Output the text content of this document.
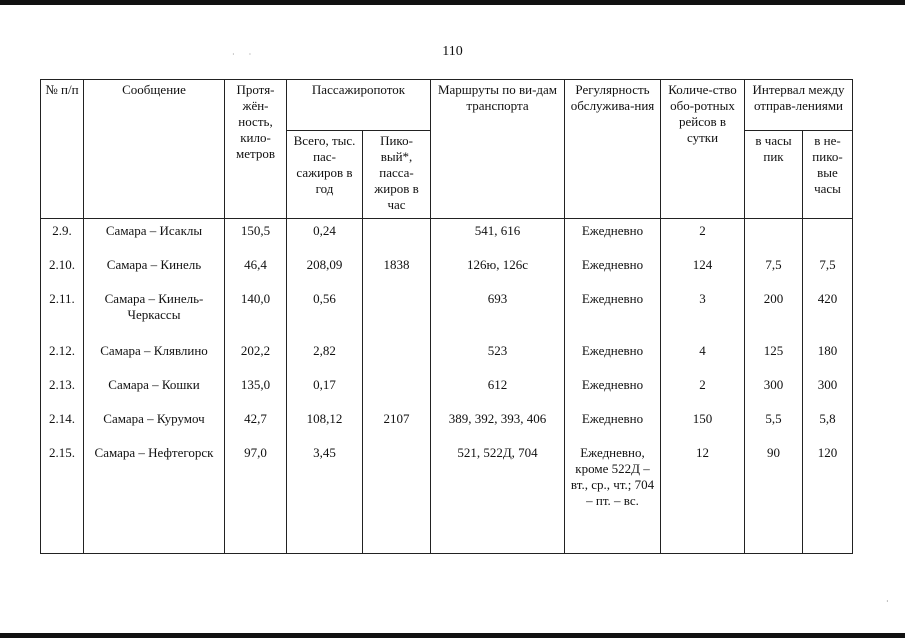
· ·	110
№ п/п	Сообщение	Протя-жён-ность, кило-метров	Пассажиропоток		Маршруты по ви-дам транспорта	Регулярность обслужива-ния	Количе-ство обо-ротных рейсов в сутки	Интервал между отправ-лениями	
			Всего, тыс. пас-сажиров в год	Пико-вый*, пасса-жиров в час				в часы пик	в не-пико-вые часы
2.9.	Самара – Исаклы	150,5	0,24		541, 616	Ежедневно	2		
2.10.	Самара – Кинель	46,4	208,09	1838	126ю, 126с	Ежедневно	124	7,5	7,5
2.11.	Самара – Кинель-Черкассы	140,0	0,56		693	Ежедневно	3	200	420
2.12.	Самара – Клявлино	202,2	2,82		523	Ежедневно	4	125	180
2.13.	Самара – Кошки	135,0	0,17		612	Ежедневно	2	300	300
2.14.	Самара – Курумоч	42,7	108,12	2107	389, 392, 393, 406	Ежедневно	150	5,5	5,8
2.15.	Самара – Нефтегорск	97,0	3,45		521, 522Д, 704	Ежедневно, кроме 522Д – вт., ср., чт.; 704 – пт. – вс.	12	90	120
·
